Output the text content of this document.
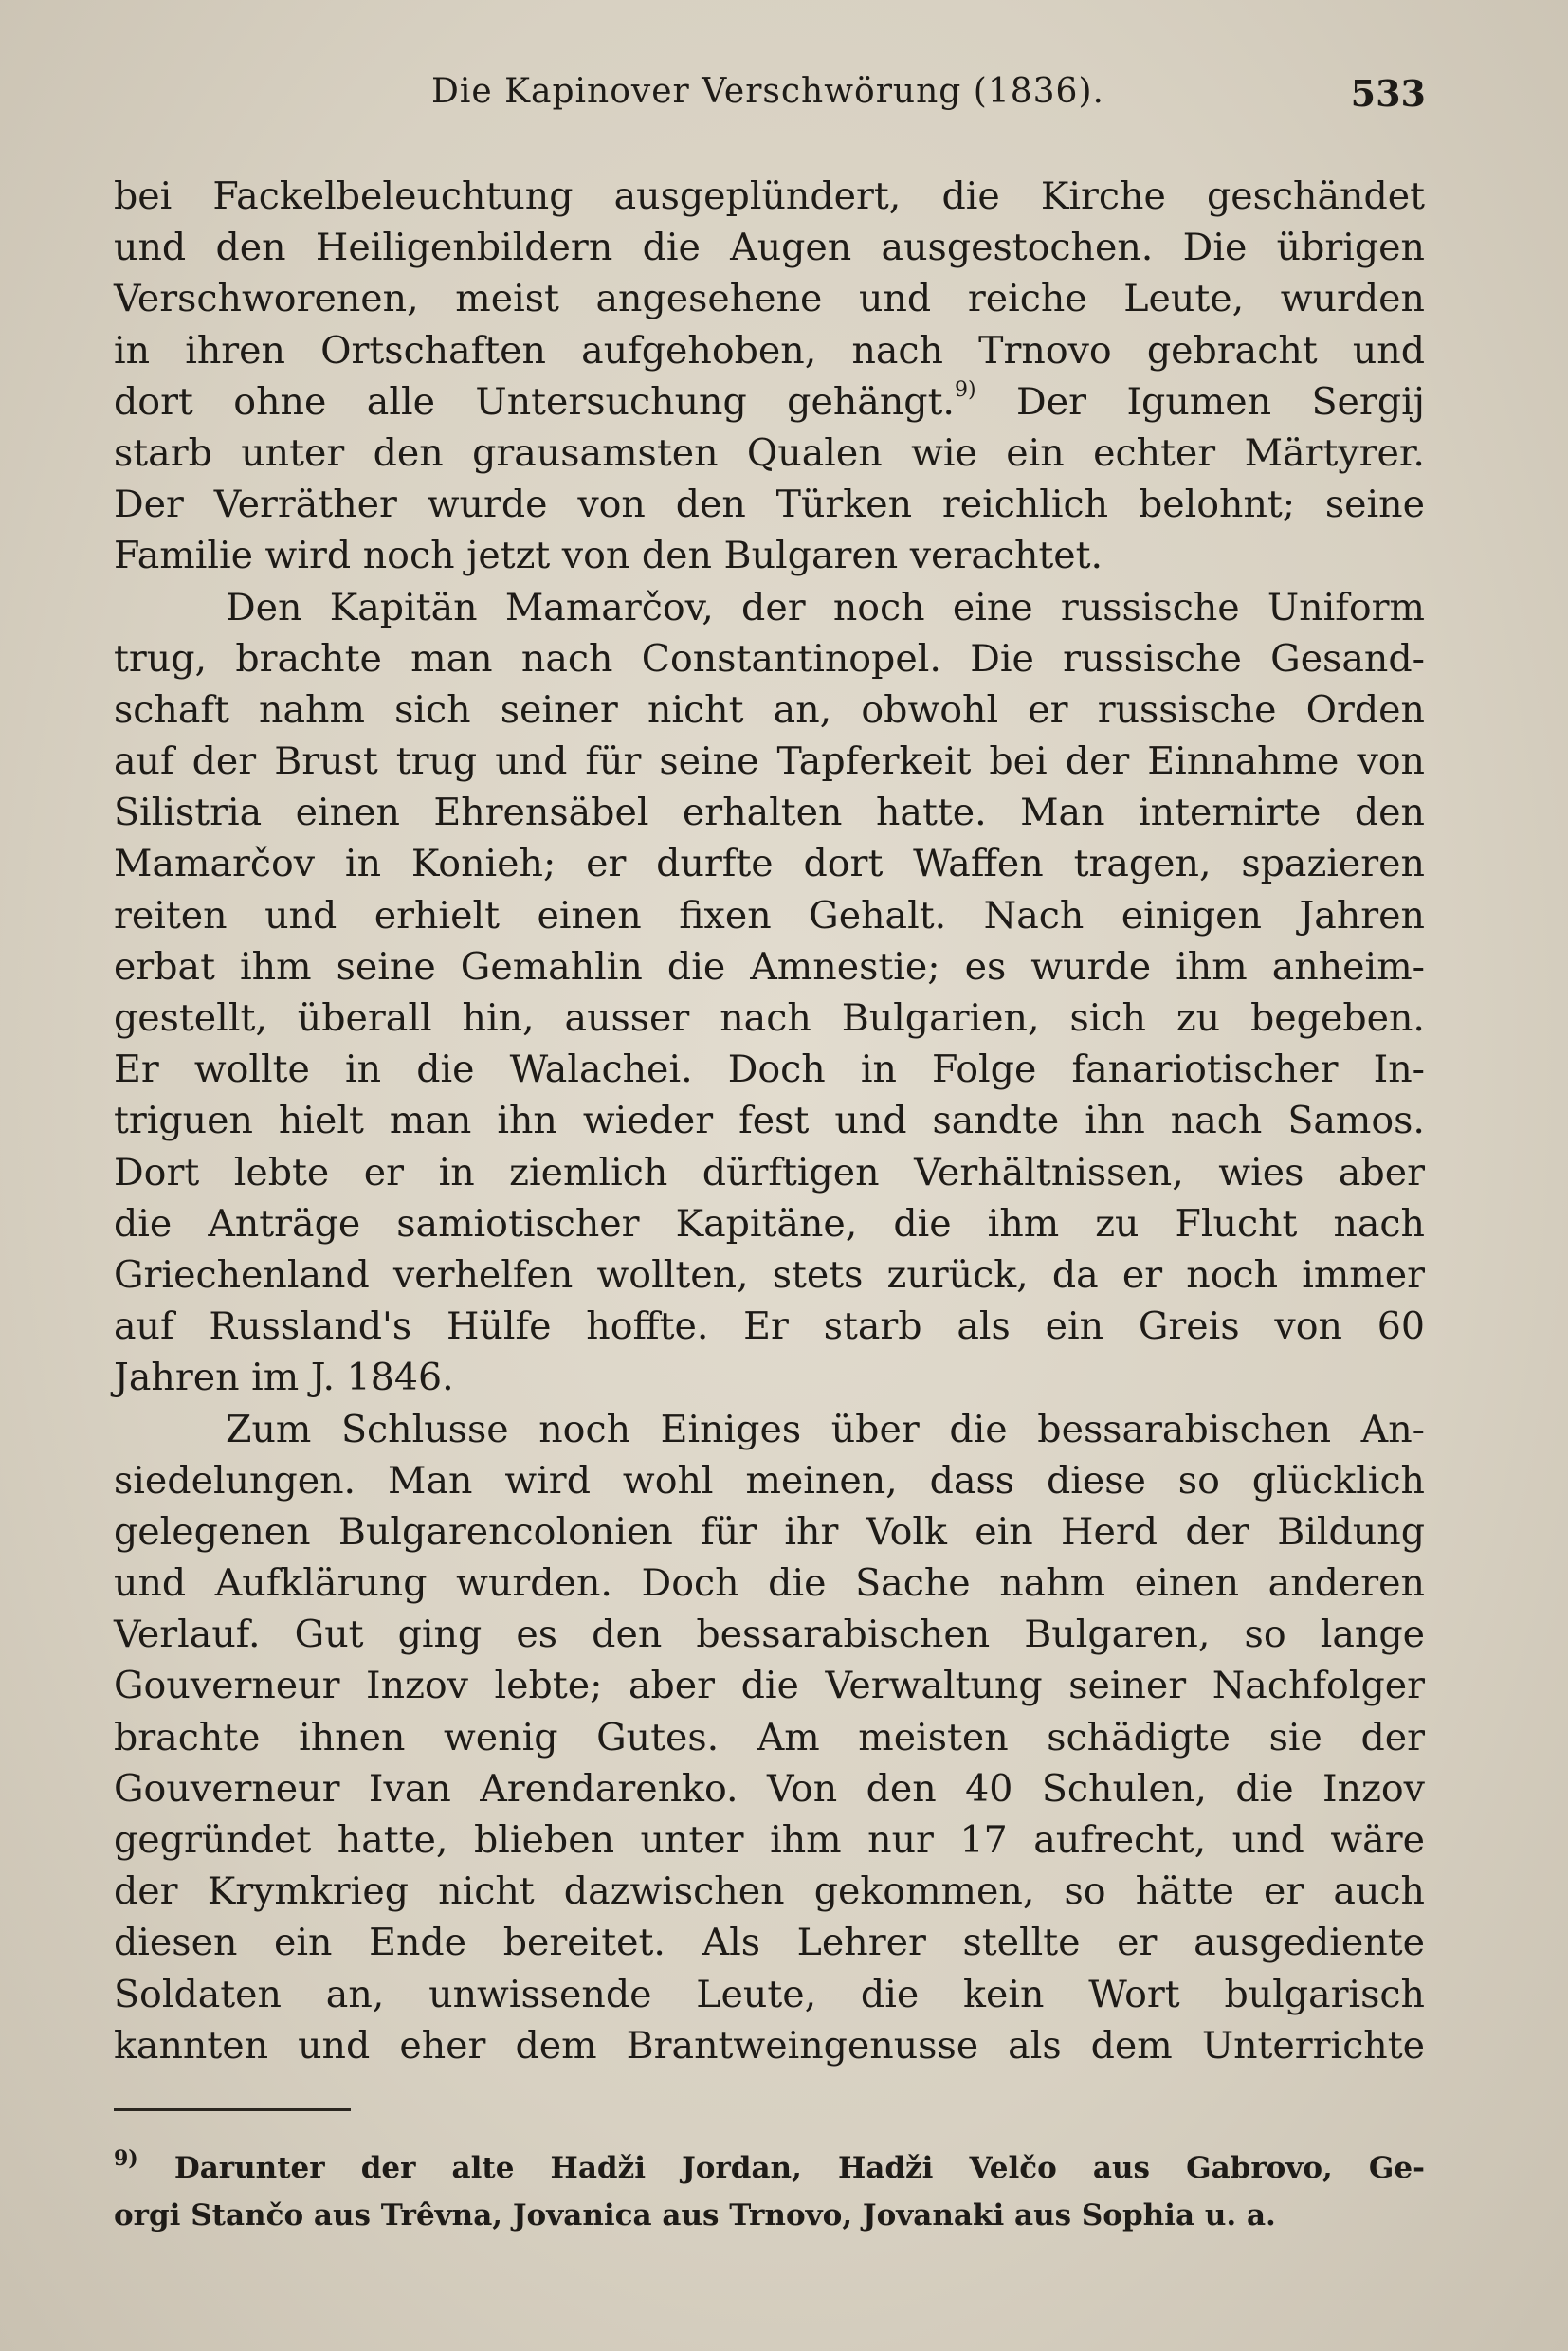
Die Kapinover Verschwörung (1836).	533
bei Fackelbeleuchtung ausgeplündert, die Kirche geschändet
und den Heiligenbildern die Augen ausgestochen. Die übrigen
Verschworenen, meist angesehene und reiche Leute, wurden
in ihren Ortschaften aufgehoben, nach Trnovo gebracht und
dort ohne alle Untersuchung gehängt.$^{9)}$ Der Igumen Sergij
starb unter den grausamsten Qualen wie ein echter Märtyrer.
Der Verräther wurde von den Türken reichlich belohnt; seine
Familie wird noch jetzt von den Bulgaren verachtet.
Den Kapitän Mamarčov, der noch eine russische Uniform
trug, brachte man nach Constantinopel. Die russische Gesand-
schaft nahm sich seiner nicht an, obwohl er russische Orden
auf der Brust trug und für seine Tapferkeit bei der Einnahme von
Silistria einen Ehrensäbel erhalten hatte. Man internirte den
Mamarčov in Konieh; er durfte dort Waffen tragen, spazieren
reiten und erhielt einen fixen Gehalt. Nach einigen Jahren
erbat ihm seine Gemahlin die Amnestie; es wurde ihm anheim-
gestellt, überall hin, ausser nach Bulgarien, sich zu begeben.
Er wollte in die Walachei. Doch in Folge fanariotischer In-
triguen hielt man ihn wieder fest und sandte ihn nach Samos.
Dort lebte er in ziemlich dürftigen Verhältnissen, wies aber
die Anträge samiotischer Kapitäne, die ihm zu Flucht nach
Griechenland verhelfen wollten, stets zurück, da er noch immer
auf Russland's Hülfe hoffte. Er starb als ein Greis von 60
Jahren im J. 1846.
Zum Schlusse noch Einiges über die bessarabischen An-
siedelungen. Man wird wohl meinen, dass diese so glücklich
gelegenen Bulgarencolonien für ihr Volk ein Herd der Bildung
und Aufklärung wurden. Doch die Sache nahm einen anderen
Verlauf. Gut ging es den bessarabischen Bulgaren, so lange
Gouverneur Inzov lebte; aber die Verwaltung seiner Nachfolger
brachte ihnen wenig Gutes. Am meisten schädigte sie der
Gouverneur Ivan Arendarenko. Von den 40 Schulen, die Inzov
gegründet hatte, blieben unter ihm nur 17 aufrecht, und wäre
der Krymkrieg nicht dazwischen gekommen, so hätte er auch
diesen ein Ende bereitet. Als Lehrer stellte er ausgediente
Soldaten an, unwissende Leute, die kein Wort bulgarisch
kannten und eher dem Brantweingenusse als dem Unterrichte
$^{9)}$ Darunter der alte Hadži Jordan, Hadži Velčo aus Gabrovo, Ge-
orgi Stančo aus Trêvna, Jovanica aus Trnovo, Jovanaki aus Sophia u. a.
